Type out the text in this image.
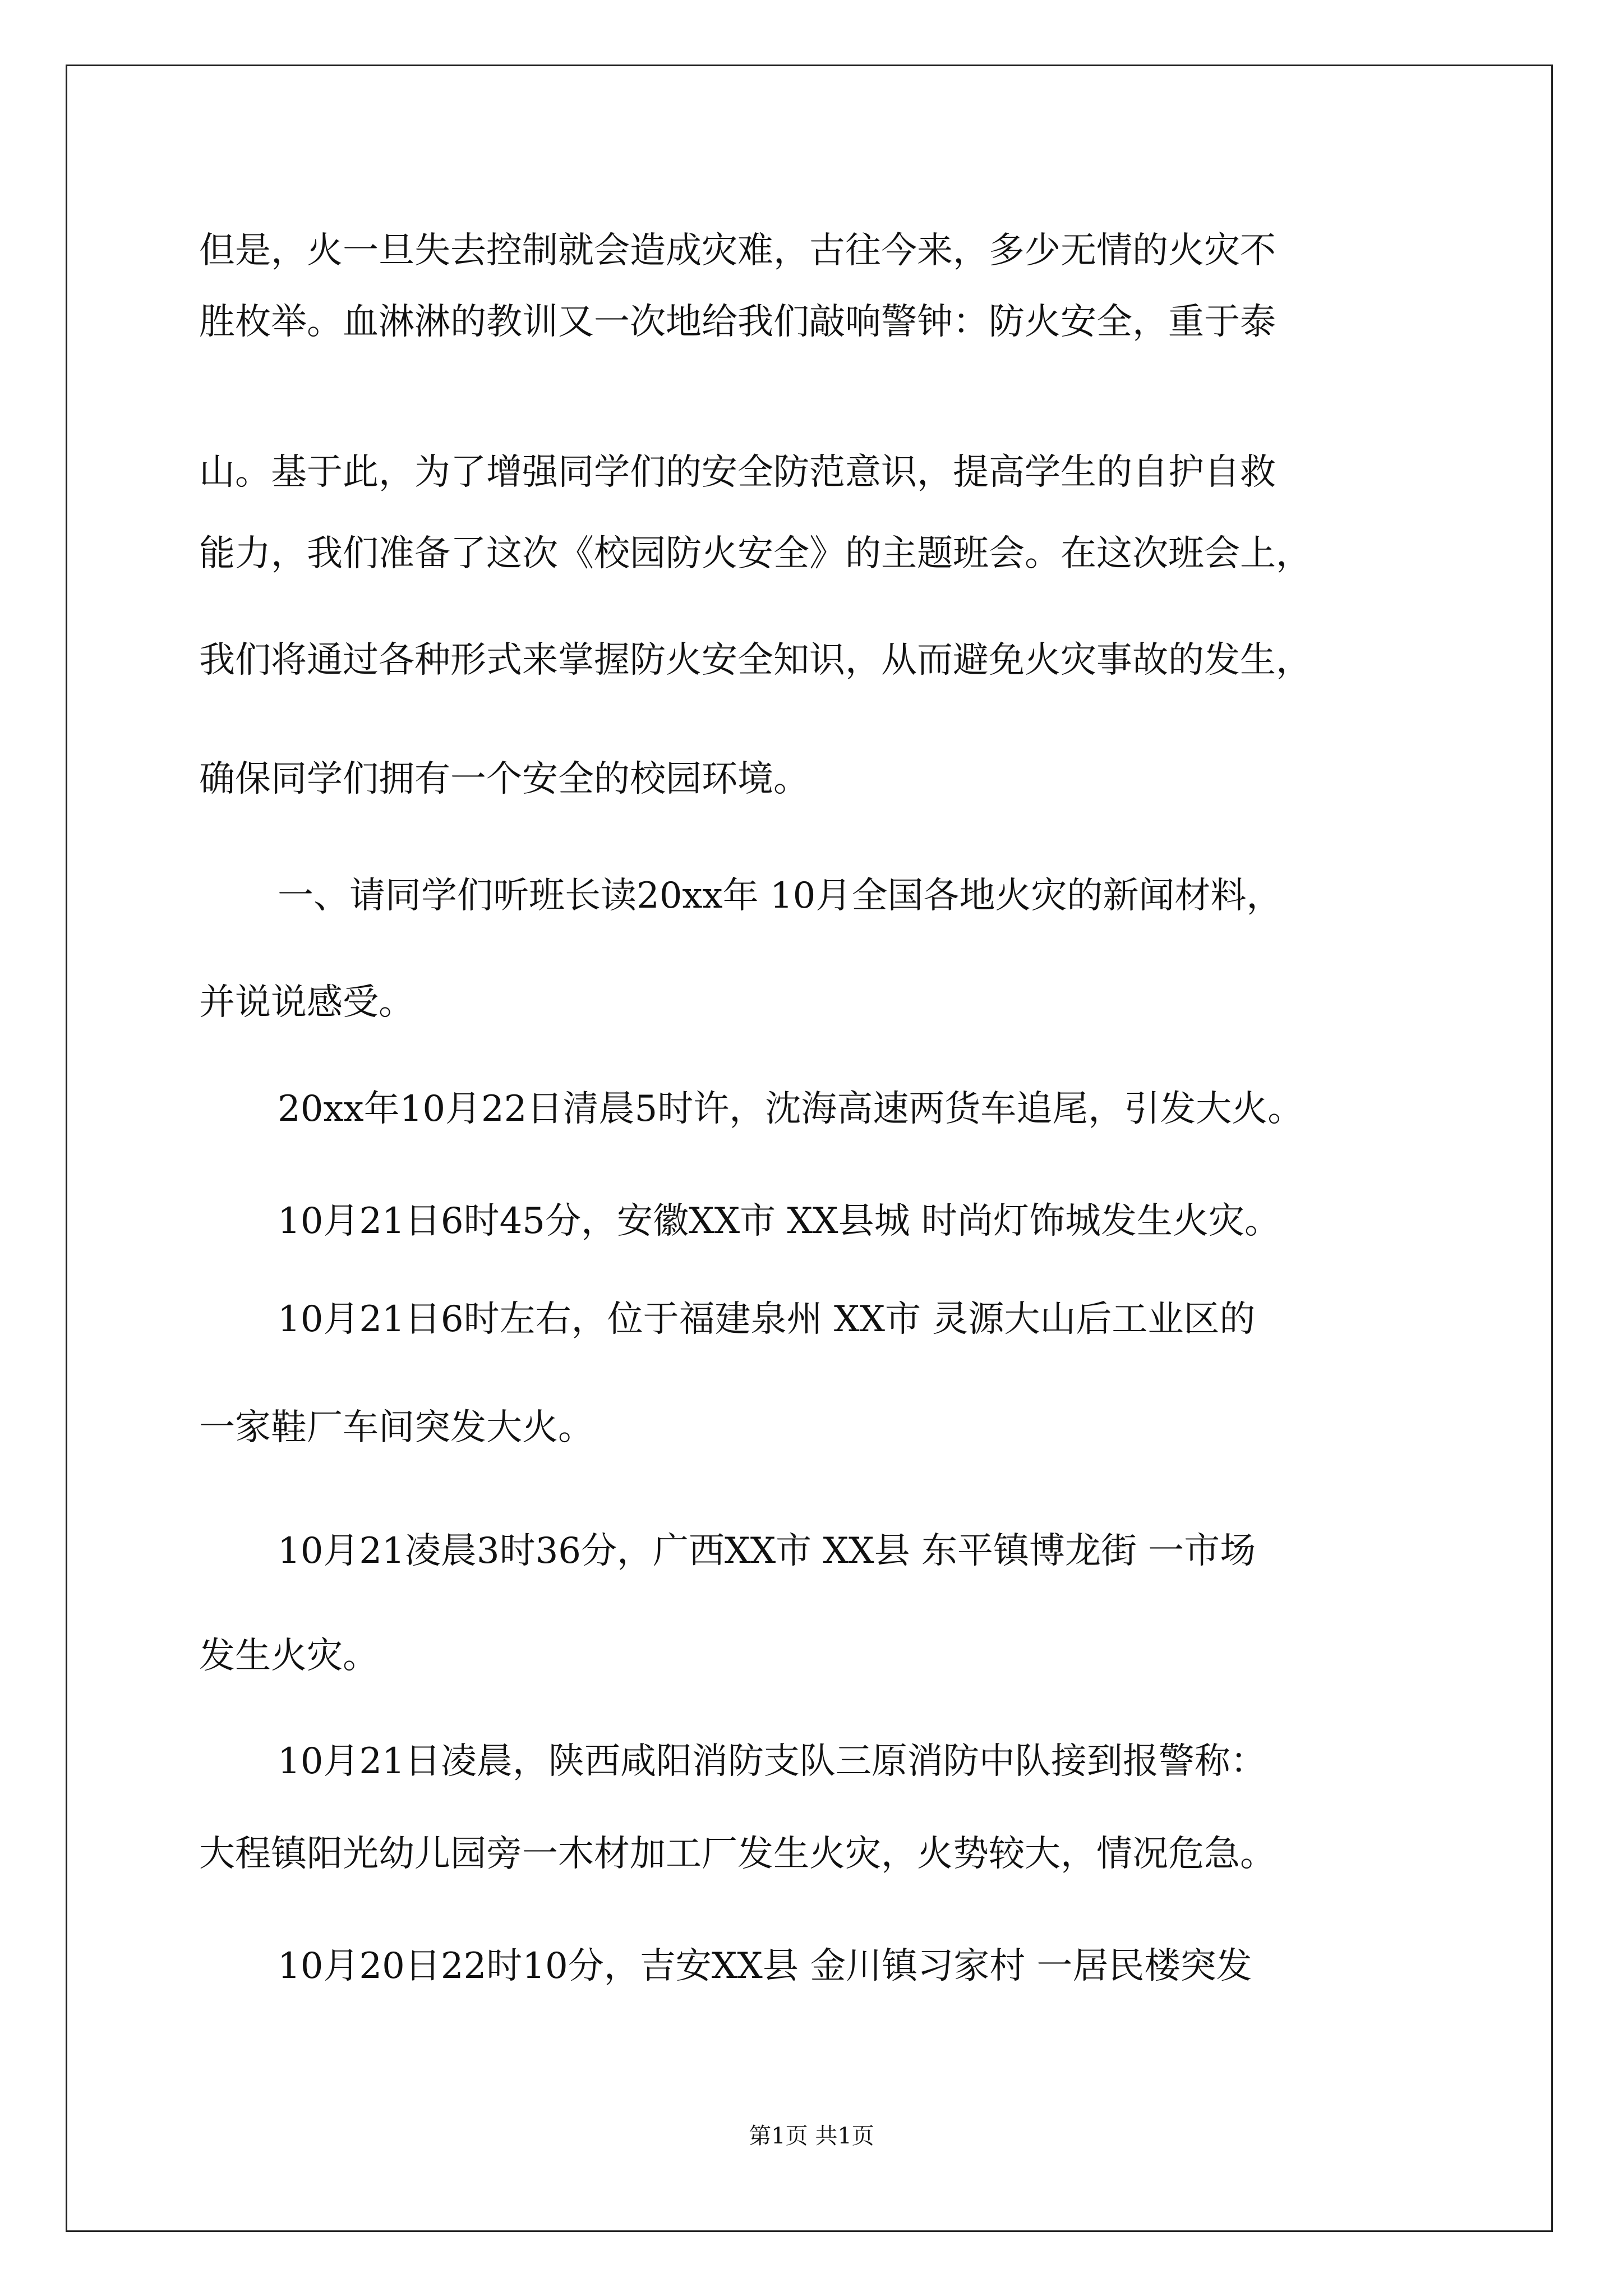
但是，火一旦失去控制就会造成灾难，古往今来，多少无情的火灾不
胜枚举。血淋淋的教训又一次地给我们敲响警钟：防火安全，重于泰
山。基于此，为了增强同学们的安全防范意识，提高学生的自护自救
能力，我们准备了这次《校园防火安全》的主题班会。在这次班会上，
我们将通过各种形式来掌握防火安全知识，从而避免火灾事故的发生，
确保同学们拥有一个安全的校园环境。
一、请同学们听班长读20xx年 10月全国各地火灾的新闻材料，
并说说感受。
20xx年10月22日清晨5时许，沈海高速两货车追尾，引发大火。
10月21日6时45分，安徽XX市 XX县城 时尚灯饰城发生火灾。
10月21日6时左右，位于福建泉州 XX市 灵源大山后工业区的
一家鞋厂车间突发大火。
10月21凌晨3时36分，广西XX市 XX县 东平镇博龙街 一市场
发生火灾。
10月21日凌晨，陕西咸阳消防支队三原消防中队接到报警称：
大程镇阳光幼儿园旁一木材加工厂发生火灾，火势较大，情况危急。
10月20日22时10分，吉安XX县 金川镇习家村 一居民楼突发
第1页 共1页
